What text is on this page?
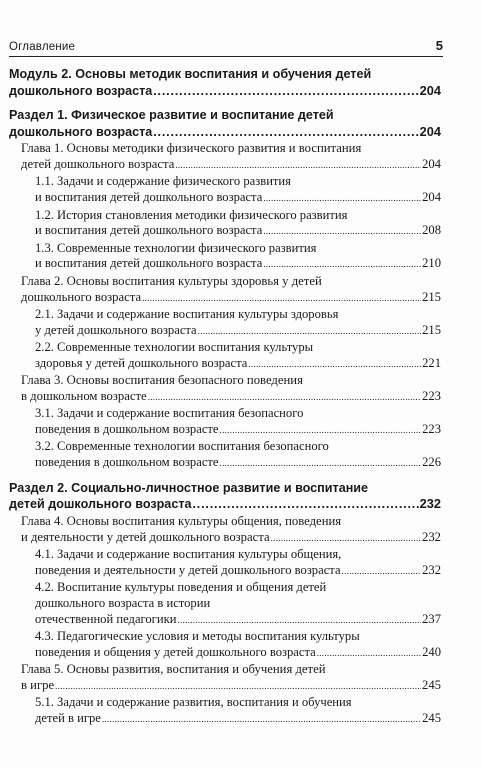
Оглавление	5
Модуль 2. Основы методик воспитания и обучения детей
дошкольного возраста .....	204
Раздел 1. Физическое развитие и воспитание детей
дошкольного возраста .....	204
Глава 1. Основы методики физического развития и воспитания
детей дошкольного возраста .....	204
1.1. Задачи и содержание физического развития
и воспитания детей дошкольного возраста .....	204
1.2. История становления методики физического развития
и воспитания детей дошкольного возраста .....	208
1.3. Современные технологии физического развития
и воспитания детей дошкольного возраста .....	210
Глава 2. Основы воспитания культуры здоровья у детей
дошкольного возраста .....	215
2.1. Задачи и содержание воспитания культуры здоровья
у детей дошкольного возраста .....	215
2.2. Современные технологии воспитания культуры
здоровья у детей дошкольного возраста .....	221
Глава 3. Основы воспитания безопасного поведения
в дошкольном возрасте .....	223
3.1. Задачи и содержание воспитания безопасного
поведения в дошкольном возрасте .....	223
3.2. Современные технологии воспитания безопасного
поведения в дошкольном возрасте .....	226
Раздел 2. Социально-личностное развитие и воспитание
детей дошкольного возраста .....	232
Глава 4. Основы воспитания культуры общения, поведения
и деятельности у детей дошкольного возраста .....	232
4.1. Задачи и содержание воспитания культуры общения,
поведения и деятельности у детей дошкольного возраста .....	232
4.2. Воспитание культуры поведения и общения детей
дошкольного возраста в истории
отечественной педагогики .....	237
4.3. Педагогические условия и методы воспитания культуры
поведения и общения у детей дошкольного возраста .....	240
Глава 5. Основы развития, воспитания и обучения детей
в игре .....	245
5.1. Задачи и содержание развития, воспитания и обучения
детей в игре .....	245
